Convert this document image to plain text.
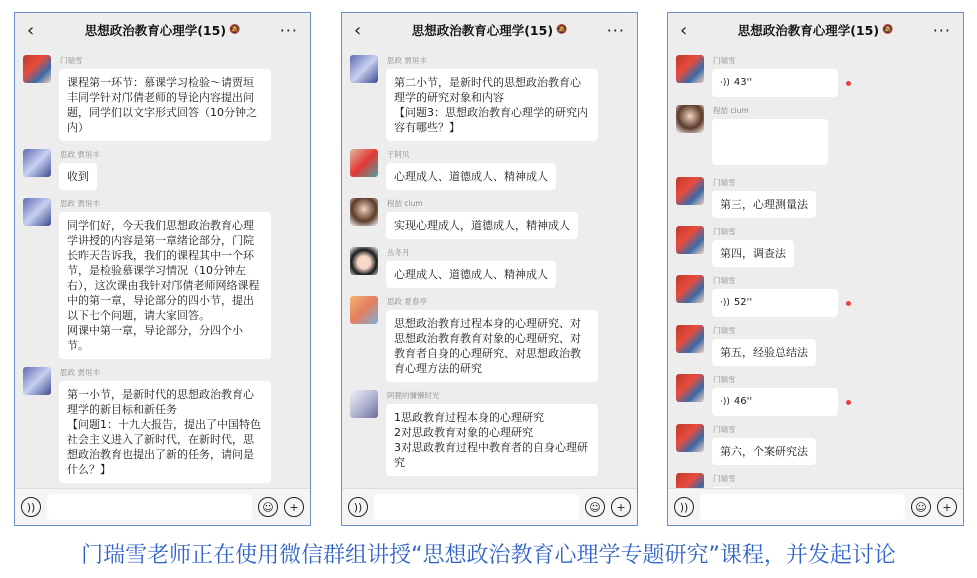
‹	思想政治教育心理学(15) 🔕 ···
门瑞雪
课程第一环节：慕课学习检验～请贾垣丰同学针对邝倩老师的导论内容提出问题，同学们以文字形式回答（10分钟之内）
思政 贾垣丰
收到
思政 贾垣丰
同学们好，今天我们思想政治教育心理学讲授的内容是第一章绪论部分，门院长昨天告诉我，我们的课程其中一个环节，是检验慕课学习情况（10分钟左右），这次课由我针对邝倩老师网络课程中的第一章，导论部分的四小节，提出以下七个问题，请大家回答。
网课中第一章，导论部分，分四个小节。
思政 贾垣丰
第一小节，是新时代的思想政治教育心理学的新目标和新任务
【问题1：十九大报告，提出了中国特色社会主义进入了新时代，在新时代，思想政治教育也提出了新的任务，请问是什么？】
))	☺	+
‹	思想政治教育心理学(15) 🔕 ···
思政 贾垣丰
第二小节，是新时代的思想政治教育心理学的研究对象和内容
【问题3：思想政治教育心理学的研究内容有哪些？】
于阿贝
心理成人、道德成人、精神成人
程喆 cium
实现心理成人，道德成人，精神成人
丛冬月
心理成人、道德成人、精神成人
思政 夏春亭
思想政治教育过程本身的心理研究、对思想政治教育教育对象的心理研究、对教育者自身的心理研究、对思想政治教育心理方法的研究
阿狸的慵懒时光
1思政教育过程本身的心理研究
2对思政教育对象的心理研究
3对思政教育过程中教育者的自身心理研究
))	☺	+
‹	思想政治教育心理学(15) 🔕 ···
门瑞雪
·)) 43''
程喆 cium
门瑞雪
第三，心理测量法
门瑞雪
第四，调查法
门瑞雪
·)) 52''
门瑞雪
第五，经验总结法
门瑞雪
·)) 46''
门瑞雪
第六，个案研究法
门瑞雪

))	☺	+
门瑞雪老师正在使用微信群组讲授“思想政治教育心理学专题研究”课程，并发起讨论
